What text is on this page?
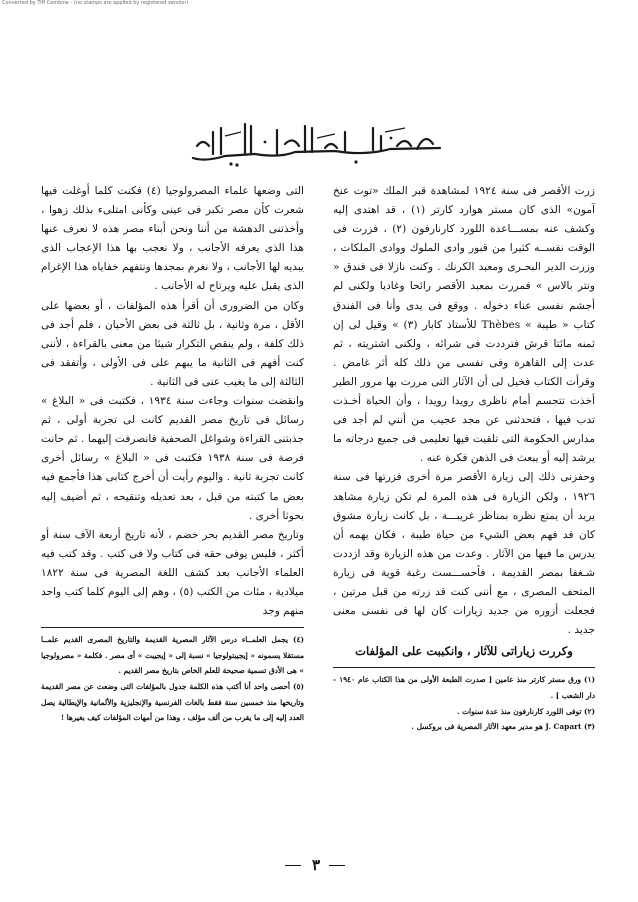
Converted by Tiff Combine - (no stamps are applied by registered version)

زرت الأقصر فى سنة ١٩٢٤ لمشاهدة قبر الملك «توت عنخ آمون» الذى كان مستر هوارد كارتر (١) ، قد اهتدى إليه وكشف عنه بمســـاعدة اللورد كارنارفون (٢) ، فزرت فى الوقت نفســه كثيرا من قبور وادى الملوك ووادى الملكات ، وزرت الدير البحـرى ومعبد الكرنك . وكنت نازلا فى فندق « ونتر بالاس » فمررت بمعبد الأقصر رائحا وغاديا ولكنى لم أجشم نفسى عناء دخوله . ووقع فى يدى وأنا فى الفندق كتاب « طيبة » Thèbes للأستاذ كابار (٣) » وقيل لى إن ثمنه مائتا قرش فترددت فى شرائه ، ولكنى اشتريته ، ثم عدت إلى القاهرة وفى نفسى من ذلك كله أثر غامض . وقرأت الكتاب فخيل لى أن الآثار التى مررت بها مرور الطير أخذت تتجسم أمام ناظرى رويدا رويدا ، وأن الحياة أخـذت تدب فيها ، فتحدثنى عن مجد عجيب من أنني لم أجد فى مدارس الحكومة التى تلقيت فيها تعليمى فى جميع درجاته ما يرشد إليه أو يبعث فى الذهن فكرة عنه .

وحفزنى ذلك إلى زيارة الأقصر مرة أخرى فزرتها فى سنة ١٩٢٦ ، ولكن الزيارة فى هذه المرة لم تكن زيارة مشاهد يريد أن يمتع نظره بمناظر غريبـــة ، بل كانت زيارة مشوق كان قد فهم بعض الشيء من حياة طيبة ، فكان يهمه أن يدرس ما فيها من الآثار . وعدت من هذه الزيارة وقد ازددت شـغفا بمصر القديمة ، فأحســـست رغبة قوية فى زيارة المتحف المصرى ، مع أننى كنت قد زرته من قبل مرتين ، فجعلت أزوره من جديد زيارات كان لها فى نفسى معنى جديد .

وكررت زياراتى للآثار ، وانكببت على المؤلفات

(١) ورق مستر كارتر منذ عامين [ صدرت الطبعة الأولى من هذا الكتاب عام ١٩٤٠ - دار الشعب ] .

(٢) توفى اللورد كارنارفون منذ عدة سنوات .

(٣) J. Capart هو مدير معهد الآثار المصرية فى بروكسل .

التى وضعها علماء المصرولوجيا (٤) فكنت كلما أوغلت فيها شعرت كأن مصر تكبر فى عينى وكأنى امتلىء بذلك زهوا ، وأخذتنى الدهشة من أننا ونحن أبناء مصر هذه لا نعرف عنها هذا الذى يعرفه الأجانب ، ولا نعجب بها هذا الإعجاب الذى يبديه لها الأجانب ، ولا نغرم بمجدها ونتفهم خفاياه هذا الإغرام الذى يقبل عليه ويرتاح له الأجانب .

وكان من الضرورى أن أقرأ هذه المؤلفات ، أو بعضها على الأقل ، مرة وثانية ، بل ثالثة فى بعض الأحيان ، فلم أجد فى ذلك كلفة ، ولم ينقص التكرار شيئا من معنى بالقراءة ، لأننى كنت أفهم فى الثانية ما يبهم على فى الأولى ، وأتفقد فى الثالثة إلى ما يغيب عنى فى الثانية .

وانقضت سنوات وجاءت سنة ١٩٣٤ ، فكتبت فى « البلاغ » رسائل فى تاريخ مصر القديم كانت لى تجربة أولى ، ثم جذبتنى القراءة وشواغل الصحفية فانصرفت إليهما . ثم حانت فرصة فى سنة ١٩٣٨ فكتبت فى « البلاغ » رسائل أخرى كانت تجربة ثانية . واليوم رأيت أن أخرج كتابى هذا فأجمع فيه بعض ما كتبته من قبل ، بعد تعديله وتنقيحه ، ثم أضيف إليه بحوثا أخرى .

وتاريخ مصر القديم بحر خضم ، لأنه تاريخ أربعة الآف سنة أو أكثر ، فليس يوفى حقه فى كتاب ولا فى كتب . وقد كتب فيه العلماء الأجانب بعد كشف اللغة المصرية فى سنة ١٨٢٢ ميلادية ، مئات من الكتب (٥) ، وهم إلى اليوم كلما كتب واحد منهم وجد

(٤) يجمل العلمــاء درس الآثار المصرية القديمة والتاريخ المصرى القديم علمــا مستقلا يسمونه « إيجيبتولوجيا » نسبة إلى « إيجيبت » أى مصر . فكلمة « مصرولوجيا » هى الأدق تسمية صحيحة للعلم الخاص بتاريخ مصر القديم .

(٥) أحصى واحد أنا أكتب هذه الكلمة جدول بالمؤلفات التى وضعت عن مصر القديمة وتاريخها منذ خمسين سنة فقط بالغات الفرنسية والإنجليزية والألمانية والإيطالية يصل العدد إليه إلى ما يقرب من ألف مؤلف ، وهذا من أمهات المؤلفات كيف بغيرها !

٣
